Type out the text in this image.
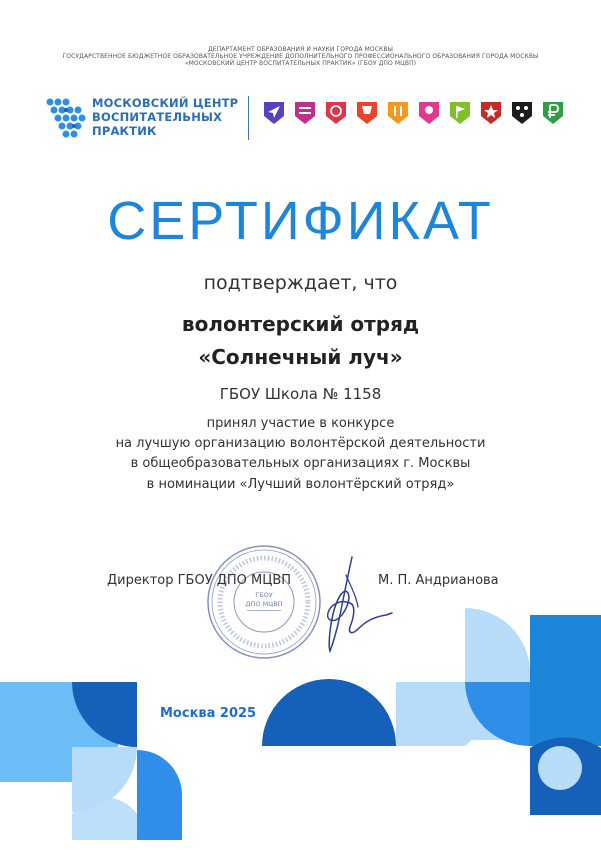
ДЕПАРТАМЕНТ ОБРАЗОВАНИЯ И НАУКИ ГОРОДА МОСКВЫ
ГОСУДАРСТВЕННОЕ БЮДЖЕТНОЕ ОБРАЗОВАТЕЛЬНОЕ УЧРЕЖДЕНИЕ ДОПОЛНИТЕЛЬНОГО ПРОФЕССИОНАЛЬНОГО ОБРАЗОВАНИЯ ГОРОДА МОСКВЫ
«МОСКОВСКИЙ ЦЕНТР ВОСПИТАТЕЛЬНЫХ ПРАКТИК» (ГБОУ ДПО МЦВП)
МОСКОВСКИЙ ЦЕНТР
ВОСПИТАТЕЛЬНЫХ
ПРАКТИК
СЕРТИФИКАТ
подтверждает, что
волонтерский отряд
«Солнечный луч»
ГБОУ Школа № 1158
принял участие в конкурсе
на лучшую организацию волонтёрской деятельности
в общеобразовательных организациях г. Москвы
в номинации «Лучший волонтёрский отряд»
ГБОУ
ДПО МЦВП
Директор ГБОУ ДПО МЦВП	М. П. Андрианова
Москва 2025
